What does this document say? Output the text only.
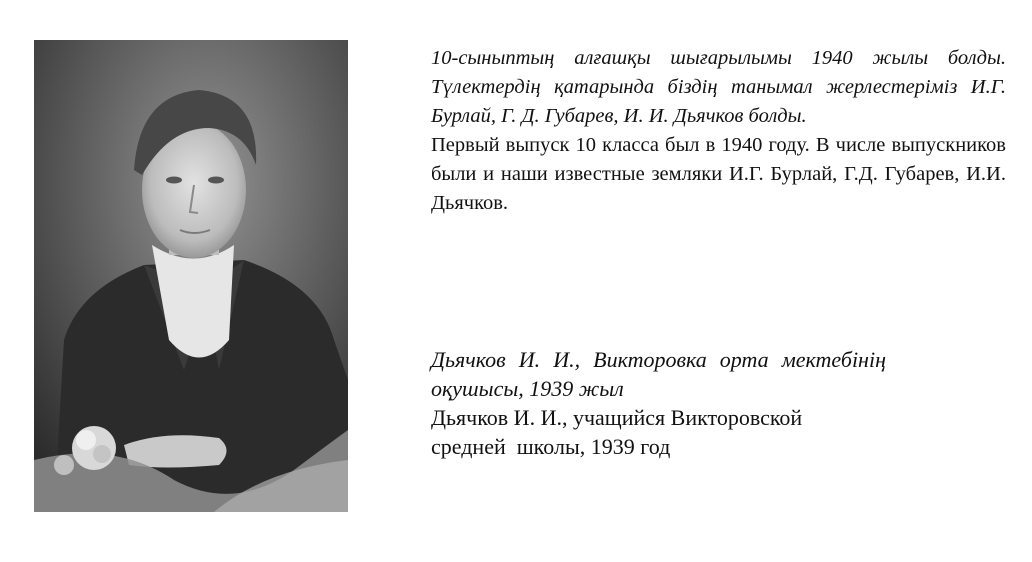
10-сыныптың алғашқы шығарылымы 1940 жылы болды. Түлектердің қатарында біздің танымал жерлестеріміз И.Г. Бурлай, Г. Д. Губарев, И. И. Дьячков болды.

Первый выпуск 10 класса был в 1940 году. В числе выпускников были и наши известные земляки И.Г. Бурлай, Г.Д. Губарев, И.И. Дьячков.

Дьячков И. И., Викторовка орта мектебінің оқушысы, 1939 жыл

Дьячков И. И., учащийся Викторовской

средней  школы, 1939 год
